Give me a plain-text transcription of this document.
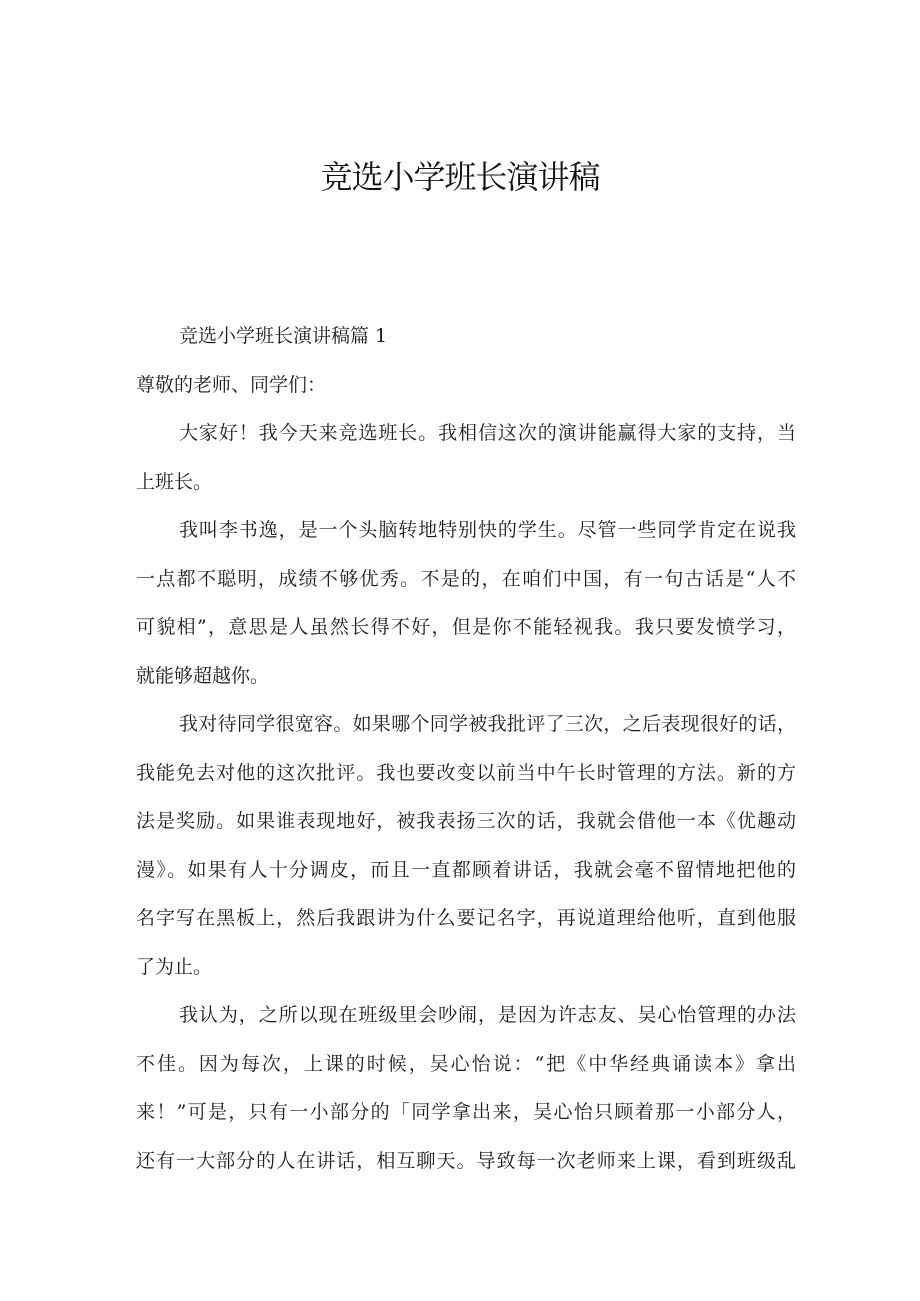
竞选小学班长演讲稿
竞选小学班长演讲稿篇 1
尊敬的老师、同学们：
大家好！我今天来竞选班长。我相信这次的演讲能赢得大家的支持，当
上班长。
我叫李书逸，是一个头脑转地特别快的学生。尽管一些同学肯定在说我
一点都不聪明，成绩不够优秀。不是的，在咱们中国，有一句古话是“人不
可貌相”，意思是人虽然长得不好，但是你不能轻视我。我只要发愤学习，
就能够超越你。
我对待同学很宽容。如果哪个同学被我批评了三次，之后表现很好的话，
我能免去对他的这次批评。我也要改变以前当中午长时管理的方法。新的方
法是奖励。如果谁表现地好，被我表扬三次的话，我就会借他一本《优趣动
漫》。如果有人十分调皮，而且一直都顾着讲话，我就会毫不留情地把他的
名字写在黑板上，然后我跟讲为什么要记名字，再说道理给他听，直到他服
了为止。
我认为，之所以现在班级里会吵闹，是因为许志友、吴心怡管理的办法
不佳。因为每次，上课的时候，吴心怡说：“把《中华经典诵读本》拿出
来！”可是，只有一小部分的「同学拿出来，吴心怡只顾着那一小部分人，
还有一大部分的人在讲话，相互聊天。导致每一次老师来上课，看到班级乱
